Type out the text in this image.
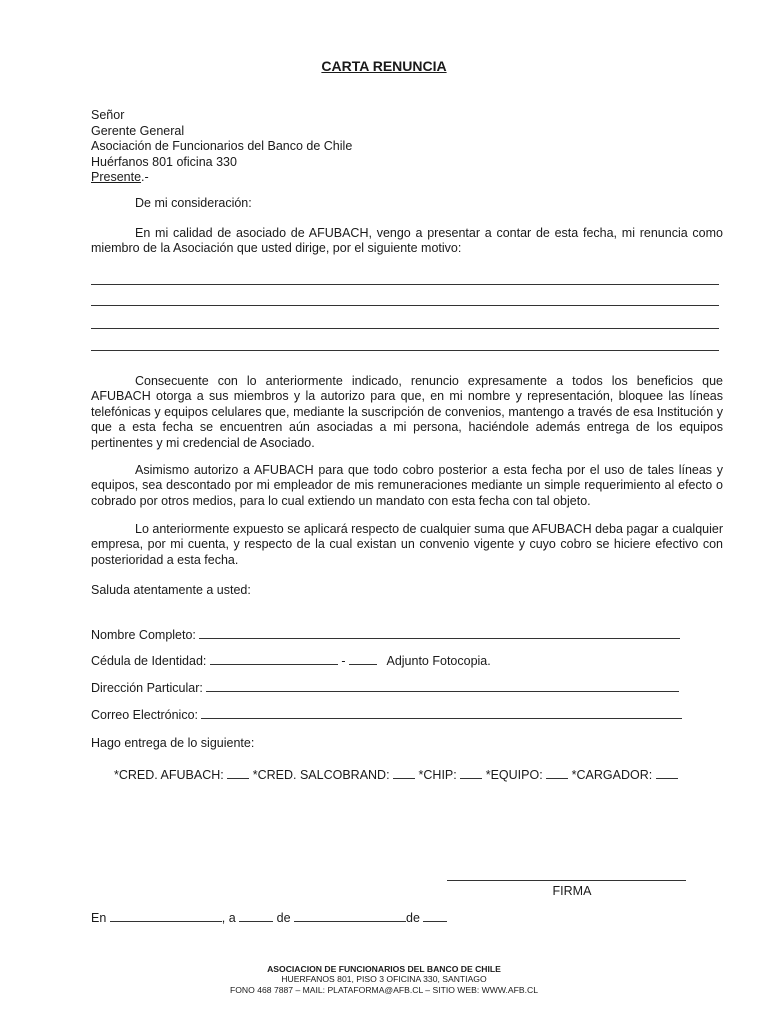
CARTA RENUNCIA
Señor
Gerente General
Asociación de Funcionarios del Banco de Chile
Huérfanos 801 oficina 330
Presente.-
De mi consideración:
En mi calidad de asociado de AFUBACH, vengo a presentar a contar de esta fecha, mi renuncia como miembro de la Asociación que usted dirige, por el siguiente motivo:
Consecuente con lo anteriormente indicado, renuncio expresamente a todos los beneficios que AFUBACH otorga a sus miembros y la autorizo para que, en mi nombre y representación, bloquee las líneas telefónicas y equipos celulares que, mediante la suscripción de convenios, mantengo a través de esa Institución y que a esta fecha se encuentren aún asociadas a mi persona, haciéndole además entrega de los equipos pertinentes y mi credencial de Asociado.
Asimismo autorizo a AFUBACH para que todo cobro posterior a esta fecha por el uso de tales líneas y equipos, sea descontado por mi empleador de mis remuneraciones mediante un simple requerimiento al efecto o cobrado por otros medios, para lo cual extiendo un mandato con esta fecha con tal objeto.
Lo anteriormente expuesto se aplicará respecto de cualquier suma que AFUBACH deba pagar a cualquier empresa, por mi cuenta, y respecto de la cual existan un convenio vigente y cuyo cobro se hiciere efectivo con posterioridad a esta fecha.
Saluda atentamente a usted:
Nombre Completo:
Cédula de Identidad:	-	Adjunto Fotocopia.
Dirección Particular:
Correo Electrónico:
Hago entrega de lo siguiente:
*CRED. AFUBACH: *CRED. SALCOBRAND: *CHIP: *EQUIPO: *CARGADOR:
FIRMA
En	, a	de	de
ASOCIACION DE FUNCIONARIOS DEL BANCO DE CHILE
HUERFANOS 801, PISO 3 OFICINA 330, SANTIAGO
FONO 468 7887 – MAIL: PLATAFORMA@AFB.CL – SITIO WEB: WWW.AFB.CL
